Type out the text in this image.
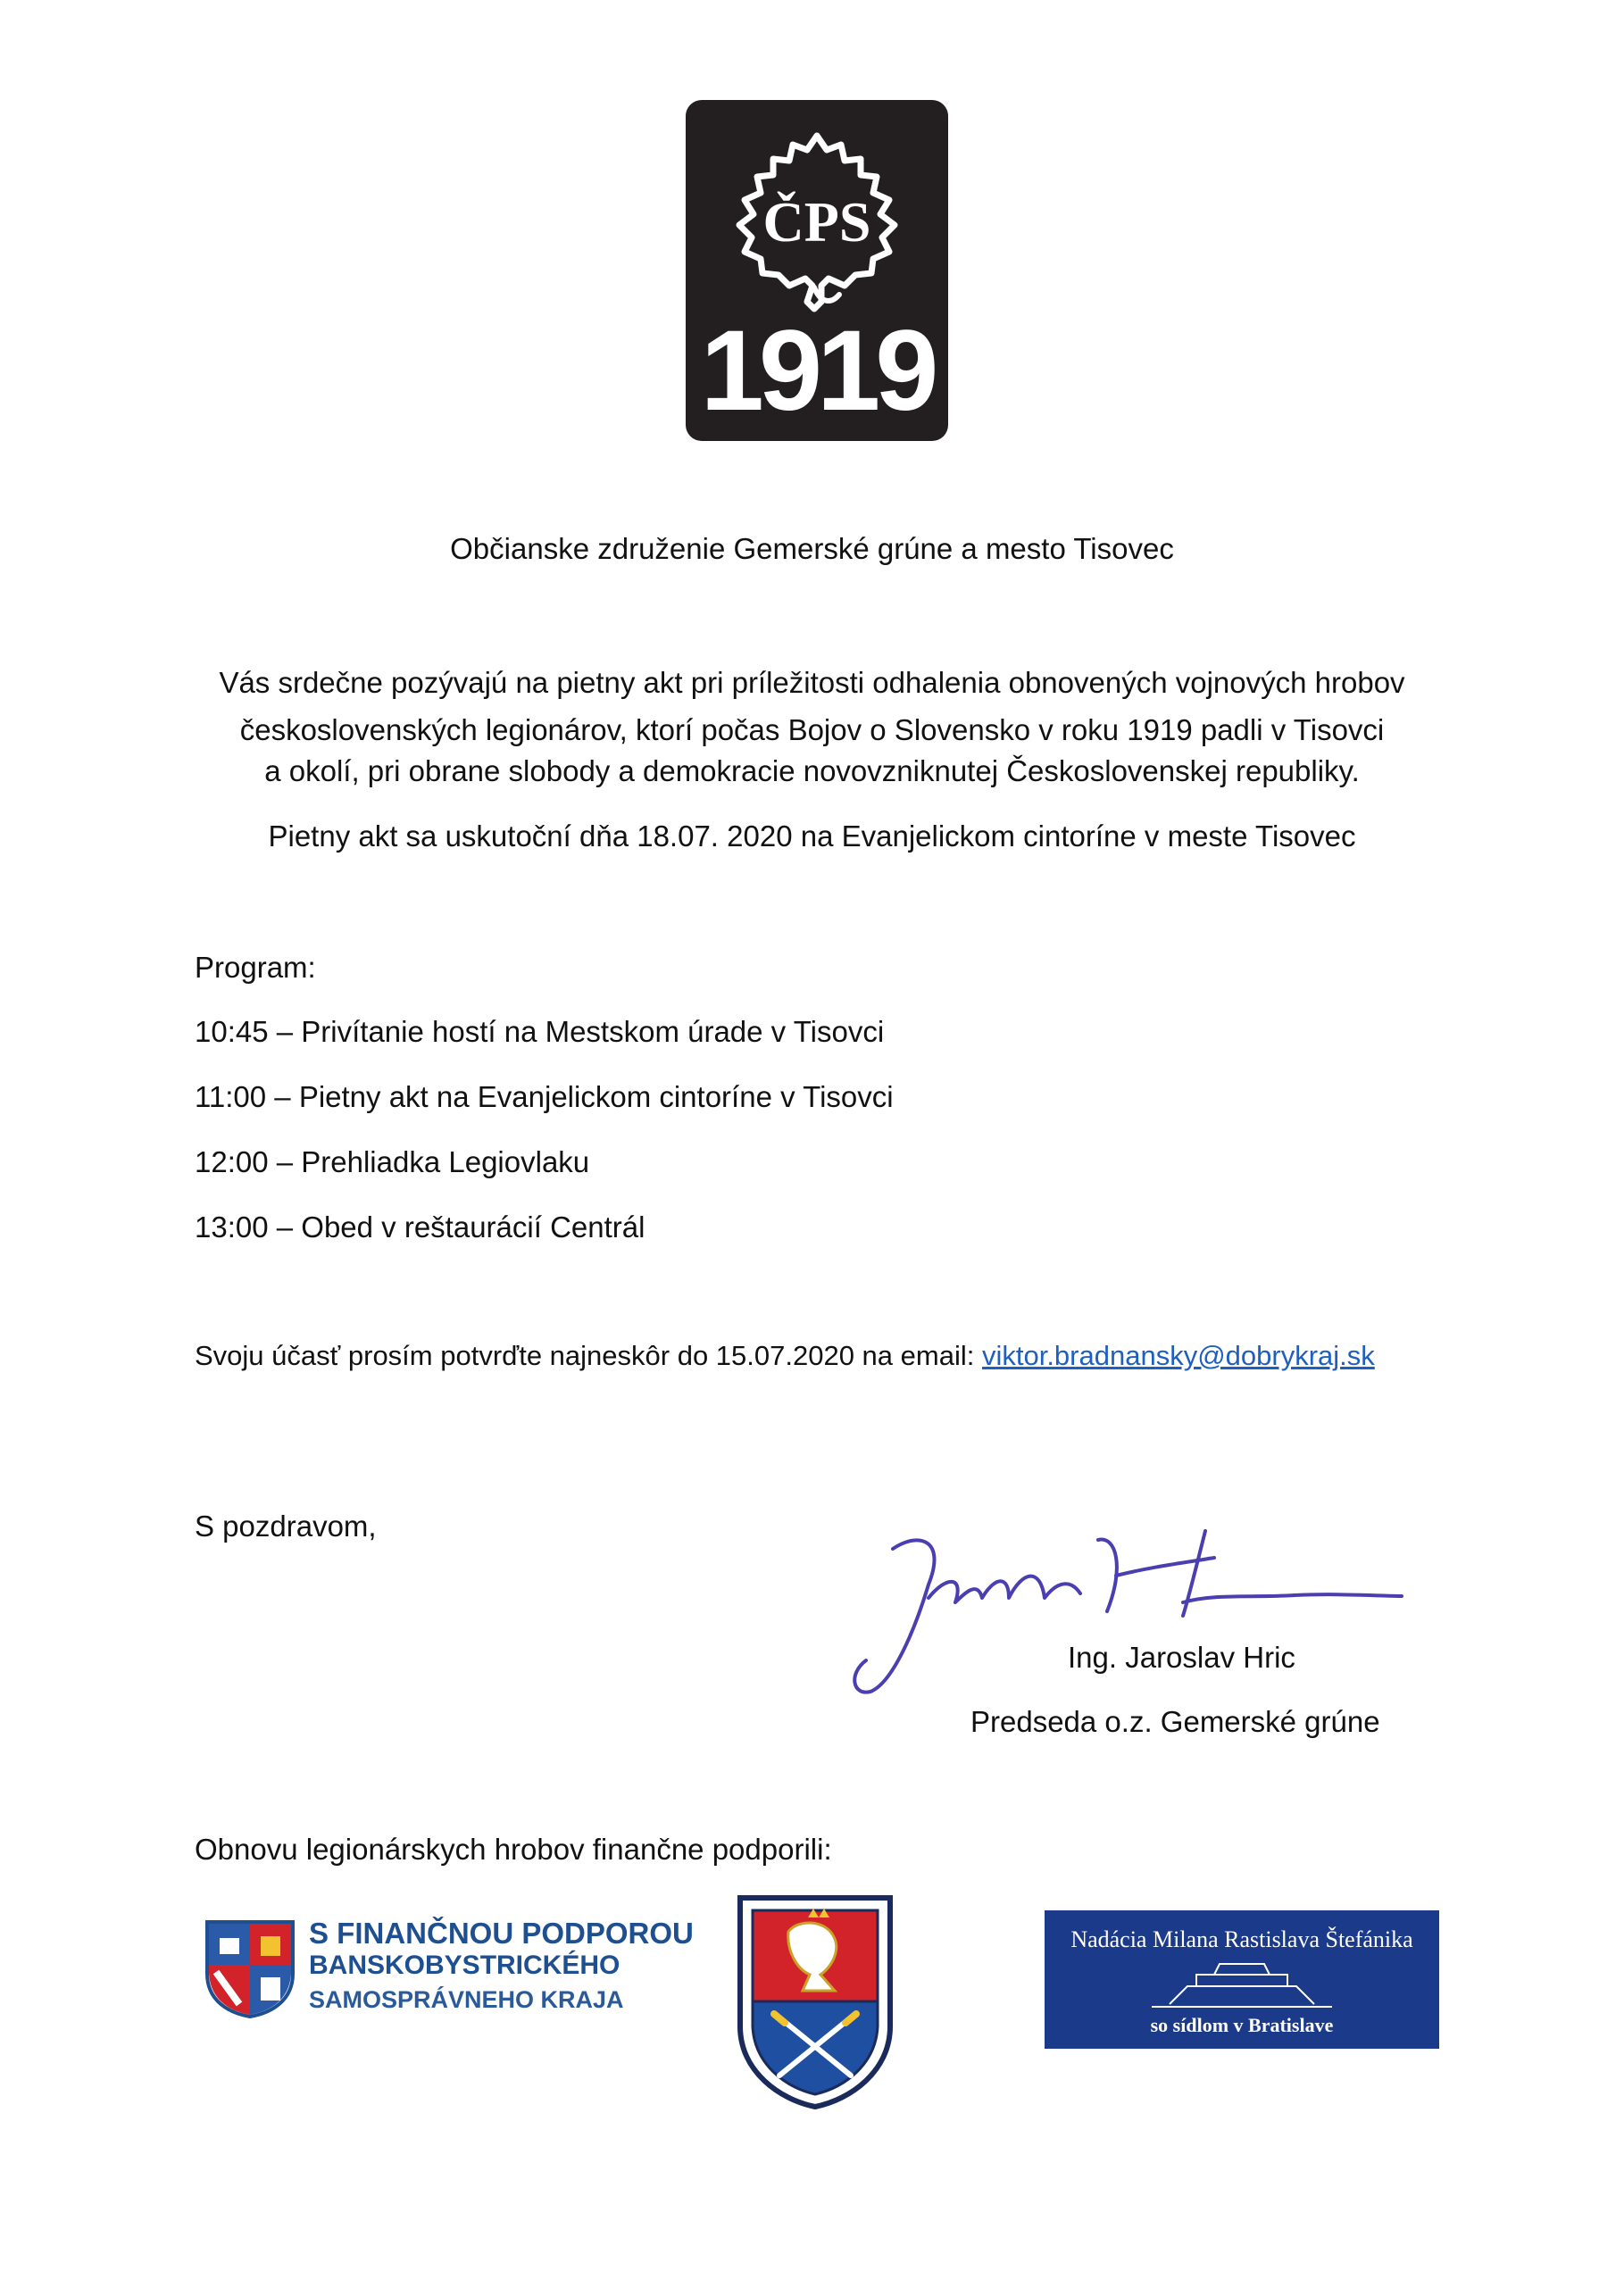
ČPS
1919

Občianske združenie Gemerské grúne a mesto Tisovec

Vás srdečne pozývajú na pietny akt pri príležitosti odhalenia obnovených vojnových hrobov

československých legionárov, ktorí počas Bojov o Slovensko v roku 1919 padli v Tisovci

a okolí, pri obrane slobody a demokracie novovzniknutej Československej republiky.

Pietny akt sa uskutoční dňa 18.07. 2020 na Evanjelickom cintoríne v meste Tisovec

Program:

10:45 – Privítanie hostí na Mestskom úrade v Tisovci

11:00 – Pietny akt na Evanjelickom cintoríne v Tisovci

12:00 – Prehliadka Legiovlaku

13:00 – Obed v reštaurácií Centrál

Svoju účasť prosím potvrďte najneskôr do 15.07.2020 na email: viktor.bradnansky@dobrykraj.sk

S pozdravom,

Ing. Jaroslav Hric

Predseda o.z. Gemerské grúne

Obnovu legionárskych hrobov finančne podporili:

S FINANČNOU PODPOROU
BANSKOBYSTRICKÉHO
SAMOSPRÁVNEHO KRAJA
Nadácia Milana Rastislava Štefánika
so sídlom v Bratislave
